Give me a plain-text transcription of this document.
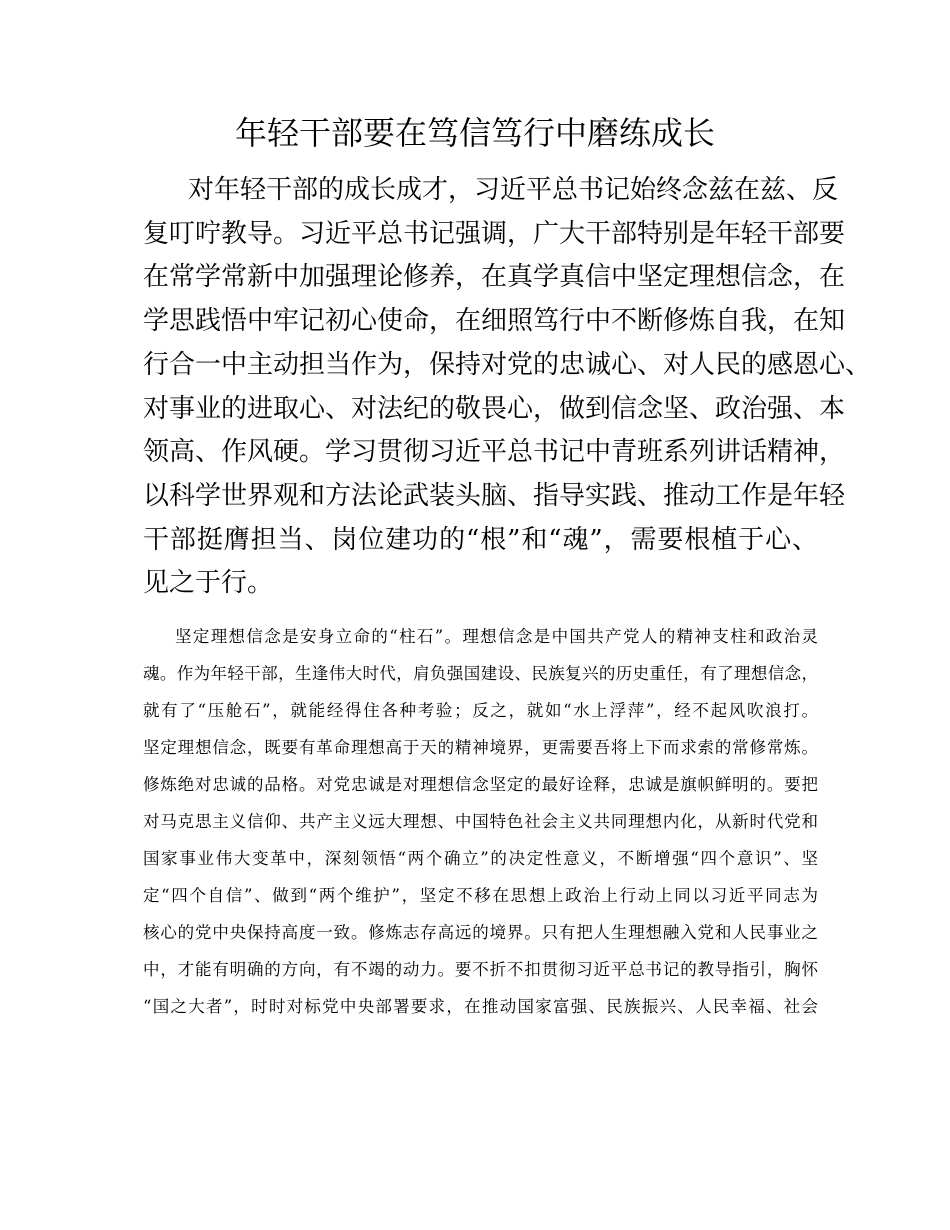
年轻干部要在笃信笃行中磨练成长
对年轻干部的成长成才，习近平总书记始终念兹在兹、反
复叮咛教导。习近平总书记强调，广大干部特别是年轻干部要
在常学常新中加强理论修养，在真学真信中坚定理想信念，在
学思践悟中牢记初心使命，在细照笃行中不断修炼自我，在知
行合一中主动担当作为，保持对党的忠诚心、对人民的感恩心、
对事业的进取心、对法纪的敬畏心，做到信念坚、政治强、本
领高、作风硬。学习贯彻习近平总书记中青班系列讲话精神，
以科学世界观和方法论武装头脑、指导实践、推动工作是年轻
干部挺膺担当、岗位建功的“根”和“魂”，需要根植于心、
见之于行。
坚定理想信念是安身立命的“柱石”。理想信念是中国共产党人的精神支柱和政治灵
魂。作为年轻干部，生逢伟大时代，肩负强国建设、民族复兴的历史重任，有了理想信念，
就有了“压舱石”，就能经得住各种考验；反之，就如“水上浮萍”，经不起风吹浪打。
坚定理想信念，既要有革命理想高于天的精神境界，更需要吾将上下而求索的常修常炼。
修炼绝对忠诚的品格。对党忠诚是对理想信念坚定的最好诠释，忠诚是旗帜鲜明的。要把
对马克思主义信仰、共产主义远大理想、中国特色社会主义共同理想内化，从新时代党和
国家事业伟大变革中，深刻领悟“两个确立”的决定性意义，不断增强“四个意识”、坚
定“四个自信”、做到“两个维护”，坚定不移在思想上政治上行动上同以习近平同志为
核心的党中央保持高度一致。修炼志存高远的境界。只有把人生理想融入党和人民事业之
中，才能有明确的方向，有不竭的动力。要不折不扣贯彻习近平总书记的教导指引，胸怀
“国之大者”，时时对标党中央部署要求，在推动国家富强、民族振兴、人民幸福、社会
